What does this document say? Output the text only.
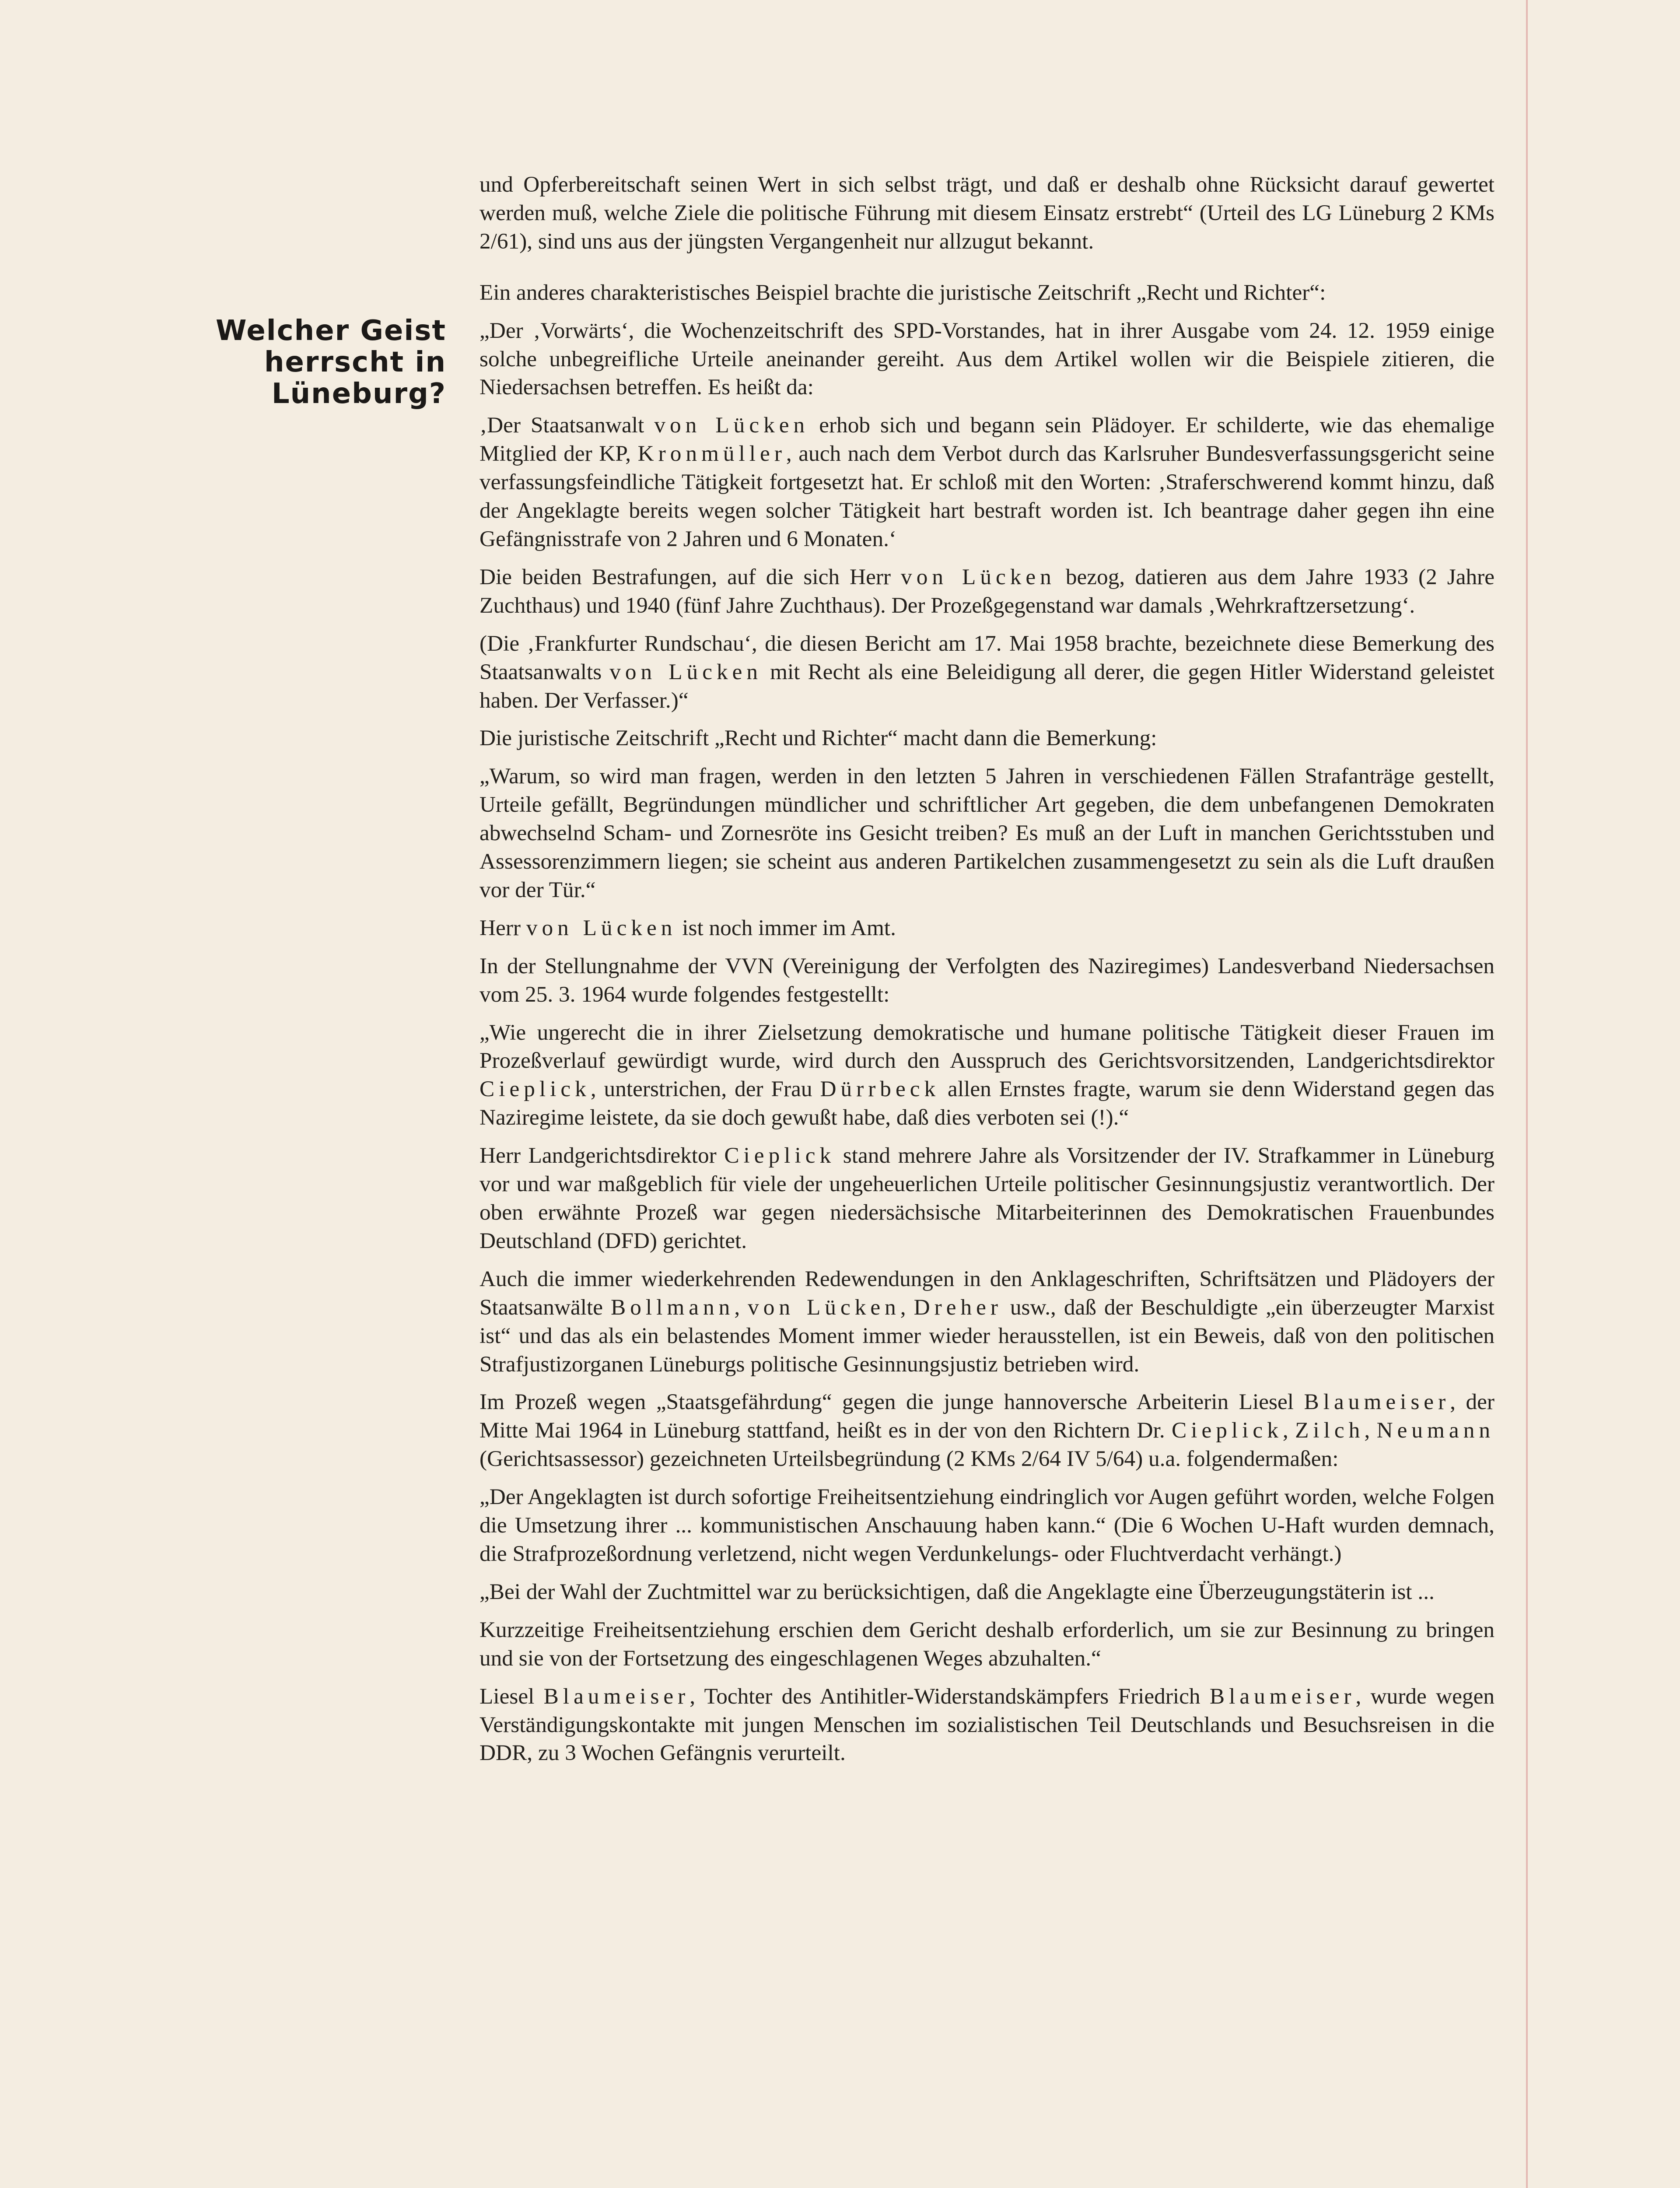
Welcher Geist
herrscht in
Lüneburg?

und Opferbereitschaft seinen Wert in sich selbst trägt, und daß er deshalb ohne Rücksicht darauf gewertet werden muß, welche Ziele die politische Führung mit diesem Einsatz erstrebt“ (Urteil des LG Lüneburg 2 KMs 2/61), sind uns aus der jüngsten Vergangenheit nur allzugut bekannt.

Ein anderes charakteristisches Beispiel brachte die juristische Zeitschrift „Recht und Richter“:

„Der ‚Vorwärts‘, die Wochenzeitschrift des SPD-Vorstandes, hat in ihrer Ausgabe vom 24. 12. 1959 einige solche unbegreifliche Urteile aneinander gereiht. Aus dem Artikel wollen wir die Beispiele zitieren, die Niedersachsen betreffen. Es heißt da:

‚Der Staatsanwalt von Lücken erhob sich und begann sein Plädoyer. Er schilderte, wie das ehemalige Mitglied der KP, Kronmüller, auch nach dem Verbot durch das Karlsruher Bundesverfassungsgericht seine verfassungsfeindliche Tätigkeit fortgesetzt hat. Er schloß mit den Worten: ‚Straferschwerend kommt hinzu, daß der Angeklagte bereits wegen solcher Tätigkeit hart bestraft worden ist. Ich beantrage daher gegen ihn eine Gefängnisstrafe von 2 Jahren und 6 Monaten.‘

Die beiden Bestrafungen, auf die sich Herr von Lücken bezog, datieren aus dem Jahre 1933 (2 Jahre Zuchthaus) und 1940 (fünf Jahre Zuchthaus). Der Prozeßgegenstand war damals ‚Wehrkraftzersetzung‘.

(Die ‚Frankfurter Rundschau‘, die diesen Bericht am 17. Mai 1958 brachte, bezeichnete diese Bemerkung des Staatsanwalts von Lücken mit Recht als eine Beleidigung all derer, die gegen Hitler Widerstand geleistet haben. Der Verfasser.)“

Die juristische Zeitschrift „Recht und Richter“ macht dann die Bemerkung:

„Warum, so wird man fragen, werden in den letzten 5 Jahren in verschiedenen Fällen Strafanträge gestellt, Urteile gefällt, Begründungen mündlicher und schriftlicher Art gegeben, die dem unbefangenen Demokraten abwechselnd Scham- und Zornesröte ins Gesicht treiben? Es muß an der Luft in manchen Gerichtsstuben und Assessorenzimmern liegen; sie scheint aus anderen Partikelchen zusammengesetzt zu sein als die Luft draußen vor der Tür.“

Herr von Lücken ist noch immer im Amt.

In der Stellungnahme der VVN (Vereinigung der Verfolgten des Naziregimes) Landesverband Niedersachsen vom 25. 3. 1964 wurde folgendes festgestellt:

„Wie ungerecht die in ihrer Zielsetzung demokratische und humane politische Tätigkeit dieser Frauen im Prozeßverlauf gewürdigt wurde, wird durch den Ausspruch des Gerichtsvorsitzenden, Landgerichtsdirektor Cieplick, unterstrichen, der Frau Dürrbeck allen Ernstes fragte, warum sie denn Widerstand gegen das Naziregime leistete, da sie doch gewußt habe, daß dies verboten sei (!).“

Herr Landgerichtsdirektor Cieplick stand mehrere Jahre als Vorsitzender der IV. Strafkammer in Lüneburg vor und war maßgeblich für viele der ungeheuerlichen Urteile politischer Gesinnungsjustiz verantwortlich. Der oben erwähnte Prozeß war gegen niedersächsische Mitarbeiterinnen des Demokratischen Frauenbundes Deutschland (DFD) gerichtet.

Auch die immer wiederkehrenden Redewendungen in den Anklageschriften, Schriftsätzen und Plädoyers der Staatsanwälte Bollmann, von Lücken, Dreher usw., daß der Beschuldigte „ein überzeugter Marxist ist“ und das als ein belastendes Moment immer wieder herausstellen, ist ein Beweis, daß von den politischen Strafjustizorganen Lüneburgs politische Gesinnungsjustiz betrieben wird.

Im Prozeß wegen „Staatsgefährdung“ gegen die junge hannoversche Arbeiterin Liesel Blaumeiser, der Mitte Mai 1964 in Lüneburg stattfand, heißt es in der von den Richtern Dr. Cieplick, Zilch, Neumann (Gerichtsassessor) gezeichneten Urteilsbegründung (2 KMs 2/64 IV 5/64) u.a. folgendermaßen:

„Der Angeklagten ist durch sofortige Freiheitsentziehung eindringlich vor Augen geführt worden, welche Folgen die Umsetzung ihrer ... kommunistischen Anschauung haben kann.“ (Die 6 Wochen U-Haft wurden demnach, die Strafprozeßordnung verletzend, nicht wegen Verdunkelungs- oder Fluchtverdacht verhängt.)

„Bei der Wahl der Zuchtmittel war zu berücksichtigen, daß die Angeklagte eine Überzeugungstäterin ist ...

Kurzzeitige Freiheitsentziehung erschien dem Gericht deshalb erforderlich, um sie zur Besinnung zu bringen und sie von der Fortsetzung des eingeschlagenen Weges abzuhalten.“

Liesel Blaumeiser, Tochter des Antihitler-Widerstandskämpfers Friedrich Blaumeiser, wurde wegen Verständigungskontakte mit jungen Menschen im sozialistischen Teil Deutschlands und Besuchsreisen in die DDR, zu 3 Wochen Gefängnis verurteilt.
